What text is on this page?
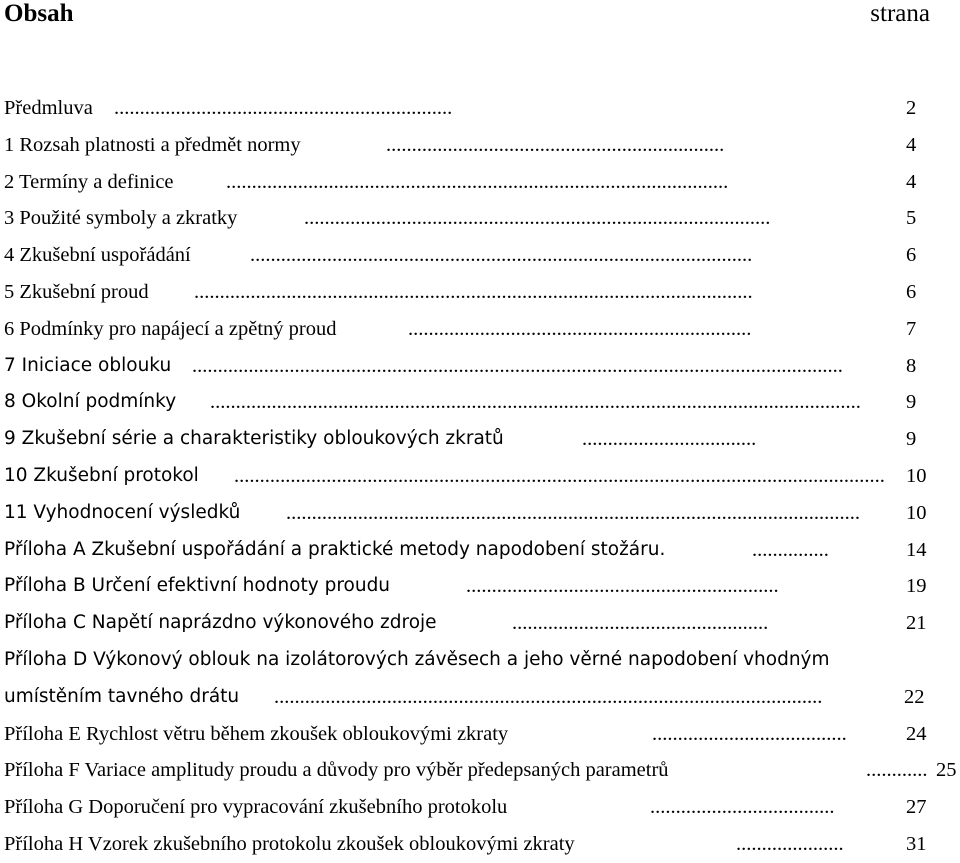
Obsah	strana
Předmluva ..................................................................	2
1 Rozsah platnosti a předmět normy	..................................................................	4
2 Termíny a definice	..................................................................................................	4
3 Použité symboly a zkratky	...........................................................................................	5
4 Zkušební uspořádání	..................................................................................................	6
5 Zkušební proud .............................................................................................................	6
6 Podmínky pro napájecí a zpětný proud	...................................................................	7
7 Iniciace oblouku ...............................................................................................................................	8
8 Okolní podmínky ...............................................................................................................................	9
9 Zkušební série a charakteristiky obloukových zkratů	..................................	9
10 Zkušební protokol ............................................................................................................................... 10
11 Vyhodnocení výsledků ................................................................................................................	10
Příloha A Zkušební uspořádání a praktické metody napodobení stožáru.	...............	14
Příloha B Určení efektivní hodnoty proudu	.............................................................	19
Příloha C Napětí naprázdno výkonového zdroje	..................................................	21
Příloha D Výkonový oblouk na izolátorových závěsech a jeho věrné napodobení vhodným
umístěním tavného drátu ...........................................................................................................	22
Příloha E Rychlost větru během zkoušek obloukovými zkraty	......................................	24
Příloha F Variace amplitudy proudu a důvody pro výběr předepsaných parametrů	............ 25
Příloha G Doporučení pro vypracování zkušebního protokolu	....................................	27
Příloha H Vzorek zkušebního protokolu zkoušek obloukovými zkraty	.....................	31
